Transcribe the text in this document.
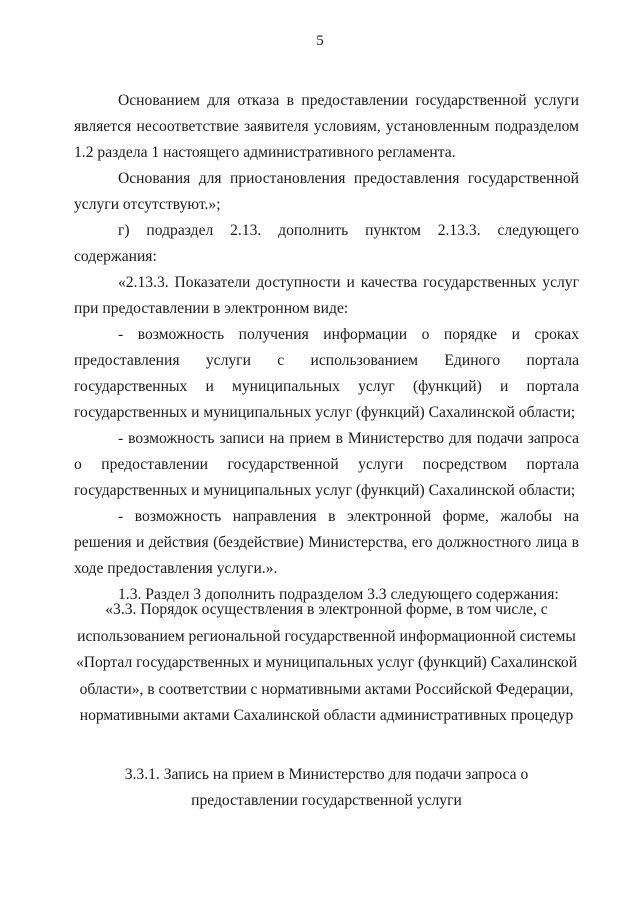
5

Основанием для отказа в предоставлении государственной услуги является несоответствие заявителя условиям, установленным подразделом 1.2 раздела 1 настоящего административного регламента.

Основания для приостановления предоставления государственной услуги отсутствуют.»;

г) подраздел 2.13. дополнить пунктом 2.13.3. следующего содержания:

«2.13.3. Показатели доступности и качества государственных услуг при предоставлении в электронном виде:

- возможность получения информации о порядке и сроках предоставления услуги с использованием Единого портала государственных и муниципальных услуг (функций) и портала государственных и муниципальных услуг (функций) Сахалинской области;

- возможность записи на прием в Министерство для подачи запроса о предоставлении государственной услуги посредством портала государственных и муниципальных услуг (функций) Сахалинской области;

- возможность направления в электронной форме, жалобы на решения и действия (бездействие) Министерства, его должностного лица в ходе предоставления услуги.».

1.3. Раздел 3 дополнить подразделом 3.3 следующего содержания:

«3.3. Порядок осуществления в электронной форме, в том числе, с
использованием региональной государственной информационной системы
«Портал государственных и муниципальных услуг (функций) Сахалинской
области», в соответствии с нормативными актами Российской Федерации,
нормативными актами Сахалинской области административных процедур
3.3.1. Запись на прием в Министерство для подачи запроса о
предоставлении государственной услуги
